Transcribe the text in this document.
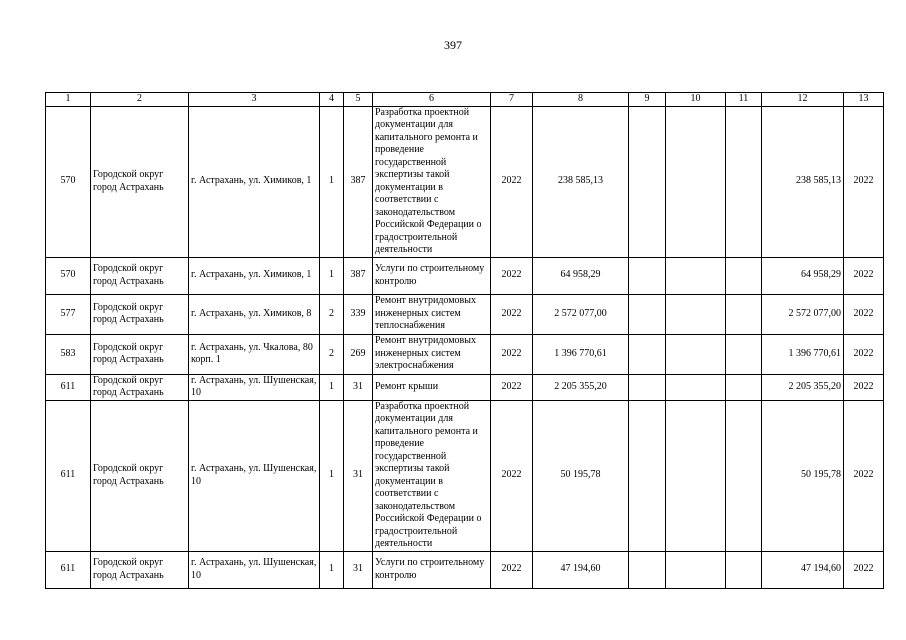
397
1	2	3	4	5	6	7	8	9	10	11	12	13
570	Городской округ город Астрахань	г. Астрахань, ул. Химиков, 1	1	387	Разработка проектной документации для капитального ремонта и проведение государственной экспертизы такой документации в соответствии с законодательством Российской Федерации о градостроительной деятельности	2022	238 585,13				238 585,13	2022
570	Городской округ город Астрахань	г. Астрахань, ул. Химиков, 1	1	387	Услуги по строительному контролю	2022	64 958,29				64 958,29	2022
577	Городской округ город Астрахань	г. Астрахань, ул. Химиков, 8	2	339	Ремонт внутридомовых инженерных систем теплоснабжения	2022	2 572 077,00				2 572 077,00	2022
583	Городской округ город Астрахань	г. Астрахань, ул. Чкалова, 80 корп. 1	2	269	Ремонт внутридомовых инженерных систем электроснабжения	2022	1 396 770,61				1 396 770,61	2022
611	Городской округ город Астрахань	г. Астрахань, ул. Шушенская, 10	1	31	Ремонт крыши	2022	2 205 355,20				2 205 355,20	2022
611	Городской округ город Астрахань	г. Астрахань, ул. Шушенская, 10	1	31	Разработка проектной документации для капитального ремонта и проведение государственной экспертизы такой документации в соответствии с законодательством Российской Федерации о градостроительной деятельности	2022	50 195,78				50 195,78	2022
611	Городской округ город Астрахань	г. Астрахань, ул. Шушенская, 10	1	31	Услуги по строительному контролю	2022	47 194,60				47 194,60	2022
